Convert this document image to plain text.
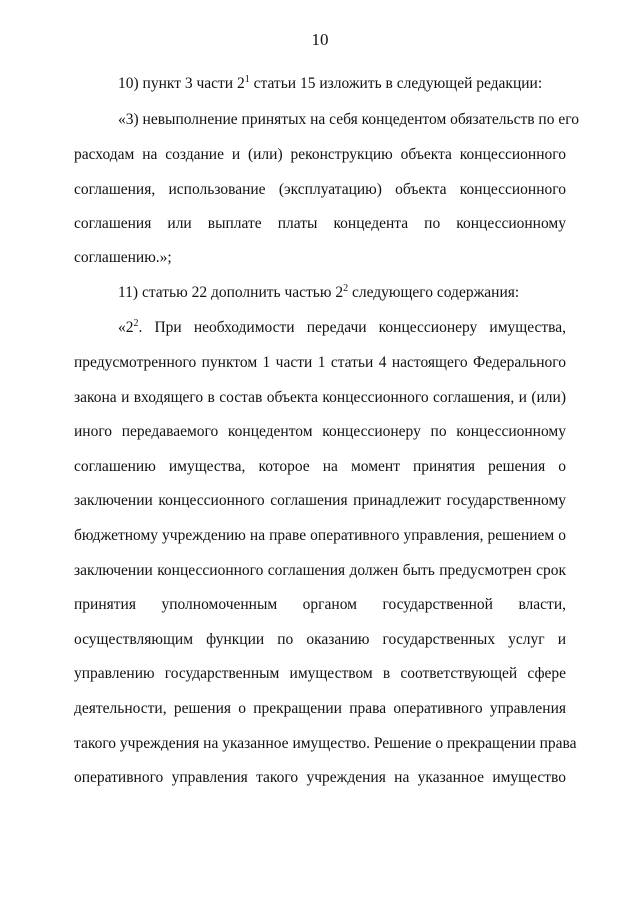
10
10) пункт 3 части $2^1$ статьи 15 изложить в следующей редакции:
«3) невыполнение принятых на себя концедентом обязательств по его
расходам на создание и (или) реконструкцию объекта концессионного
соглашения, использование (эксплуатацию) объекта концессионного
соглашения или выплате платы концедента по концессионному
соглашению.»;
11) статью 22 дополнить частью $2^2$ следующего содержания:
«$2^2$. При необходимости передачи концессионеру имущества,
предусмотренного пунктом 1 части 1 статьи 4 настоящего Федерального
закона и входящего в состав объекта концессионного соглашения, и (или)
иного передаваемого концедентом концессионеру по концессионному
соглашению имущества, которое на момент принятия решения о
заключении концессионного соглашения принадлежит государственному
бюджетному учреждению на праве оперативного управления, решением о
заключении концессионного соглашения должен быть предусмотрен срок
принятия уполномоченным органом государственной власти,
осуществляющим функции по оказанию государственных услуг и
управлению государственным имуществом в соответствующей сфере
деятельности, решения о прекращении права оперативного управления
такого учреждения на указанное имущество. Решение о прекращении права
оперативного управления такого учреждения на указанное имущество
